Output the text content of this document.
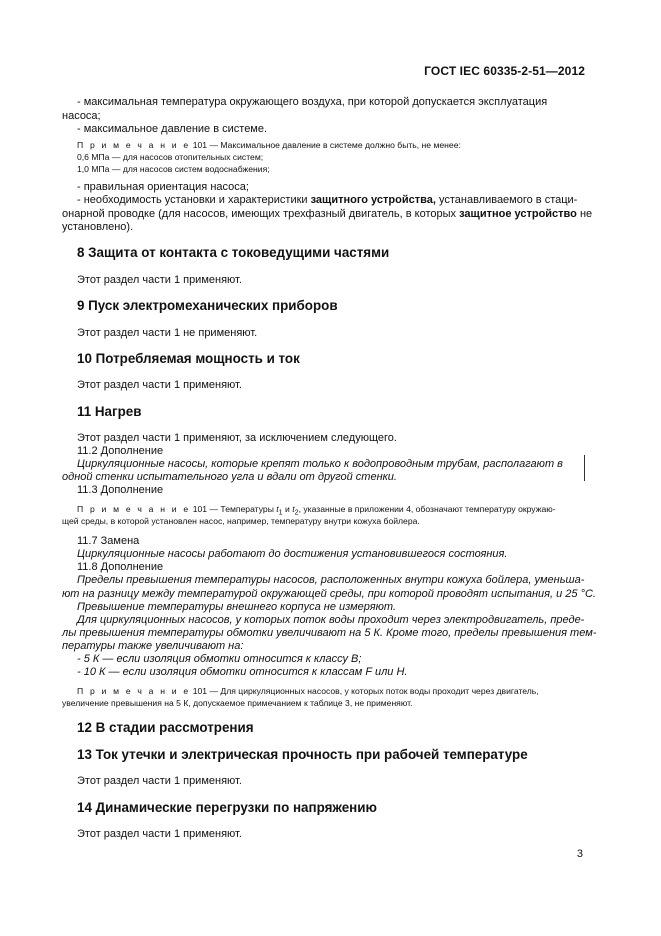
ГОСТ IEC 60335-2-51—2012
- максимальная температура окружающего воздуха, при которой допускается эксплуатация
насоса;
- максимальное давление в системе.
П р и м е ч а н и е 101 — Максимальное давление в системе должно быть, не менее:
0,6 МПа — для насосов отопительных систем;
1,0 МПа — для насосов систем водоснабжения;
- правильная ориентация насоса;
- необходимость установки и характеристики защитного устройства, устанавливаемого в стаци-
онарной проводке (для насосов, имеющих трехфазный двигатель, в которых защитное устройство не
установлено).
8 Защита от контакта с токоведущими частями
Этот раздел части 1 применяют.
9 Пуск электромеханических приборов
Этот раздел части 1 не применяют.
10 Потребляемая мощность и ток
Этот раздел части 1 применяют.
11 Нагрев
Этот раздел части 1 применяют, за исключением следующего.
11.2 Дополнение
Циркуляционные насосы, которые крепят только к водопроводным трубам, располагают в
одной стенки испытательного угла и вдали от другой стенки.
11.3 Дополнение
П р и м е ч а н и е 101 — Температуры $t_1$ и $t_2$, указанные в приложении 4, обозначают температуру окружаю-
щей среды, в которой установлен насос, например, температуру внутри кожуха бойлера.
11.7 Замена
Циркуляционные насосы работают до достижения установившегося состояния.
11.8 Дополнение
Пределы превышения температуры насосов, расположенных внутри кожуха бойлера, уменьша-
ют на разницу между температурой окружающей среды, при которой проводят испытания, и 25 °С.
Превышение температуры внешнего корпуса не измеряют.
Для циркуляционных насосов, у которых поток воды проходит через электродвигатель, преде-
лы превышения температуры обмотки увеличивают на 5 К. Кроме того, пределы превышения тем-
пературы также увеличивают на:
- 5 К — если изоляция обмотки относится к классу В;
- 10 К — если изоляция обмотки относится к классам F или H.
П р и м е ч а н и е 101 — Для циркуляционных насосов, у которых поток воды проходит через двигатель,
увеличение превышения на 5 К, допускаемое примечанием к таблице 3, не применяют.
12 В стадии рассмотрения
13 Ток утечки и электрическая прочность при рабочей температуре
Этот раздел части 1 применяют.
14 Динамические перегрузки по напряжению
Этот раздел части 1 применяют.
3
